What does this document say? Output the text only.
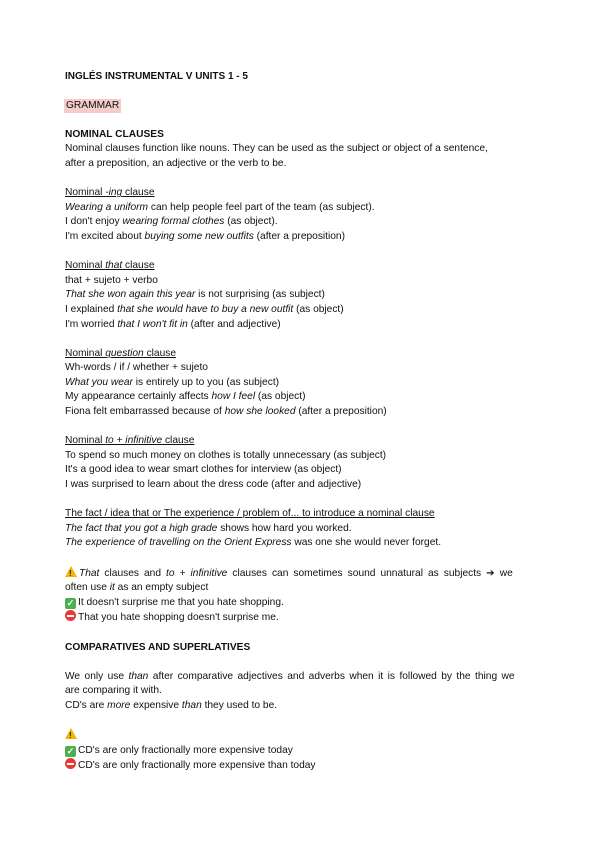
INGLÉS INSTRUMENTAL V UNITS 1 - 5
GRAMMAR
NOMINAL CLAUSES
Nominal clauses function like nouns. They can be used as the subject or object of a sentence,
after a preposition, an adjective or the verb to be.
Nominal -ing clause
Wearing a uniform can help people feel part of the team (as subject).
I don't enjoy wearing formal clothes (as object).
I'm excited about buying some new outfits (after a preposition)
Nominal that clause
that + sujeto + verbo
That she won again this year is not surprising (as subject)
I explained that she would have to buy a new outfit (as object)
I'm worried that I won't fit in (after and adjective)
Nominal question clause
Wh-words / if / whether + sujeto
What you wear is entirely up to you (as subject)
My appearance certainly affects how I feel (as object)
Fiona felt embarrassed because of how she looked (after a preposition)
Nominal to + infinitive clause
To spend so much money on clothes is totally unnecessary (as subject)
It's a good idea to wear smart clothes for interview (as object)
I was surprised to learn about the dress code (after and adjective)
The fact / idea that or The experience / problem of... to introduce a nominal clause
The fact that you got a high grade shows how hard you worked.
The experience of travelling on the Orient Express was one she would never forget.
!That clauses and to + infinitive clauses can sometimes sound unnatural as subjects ➔ we
often use it as an empty subject
✓ It doesn't surprise me that you hate shopping.
That you hate shopping doesn't surprise me.
COMPARATIVES AND SUPERLATIVES
We only use than after comparative adjectives and adverbs when it is followed by the thing we
are comparing it with.
CD's are more expensive than they used to be.
!
✓ CD's are only fractionally more expensive today
CD's are only fractionally more expensive than today
